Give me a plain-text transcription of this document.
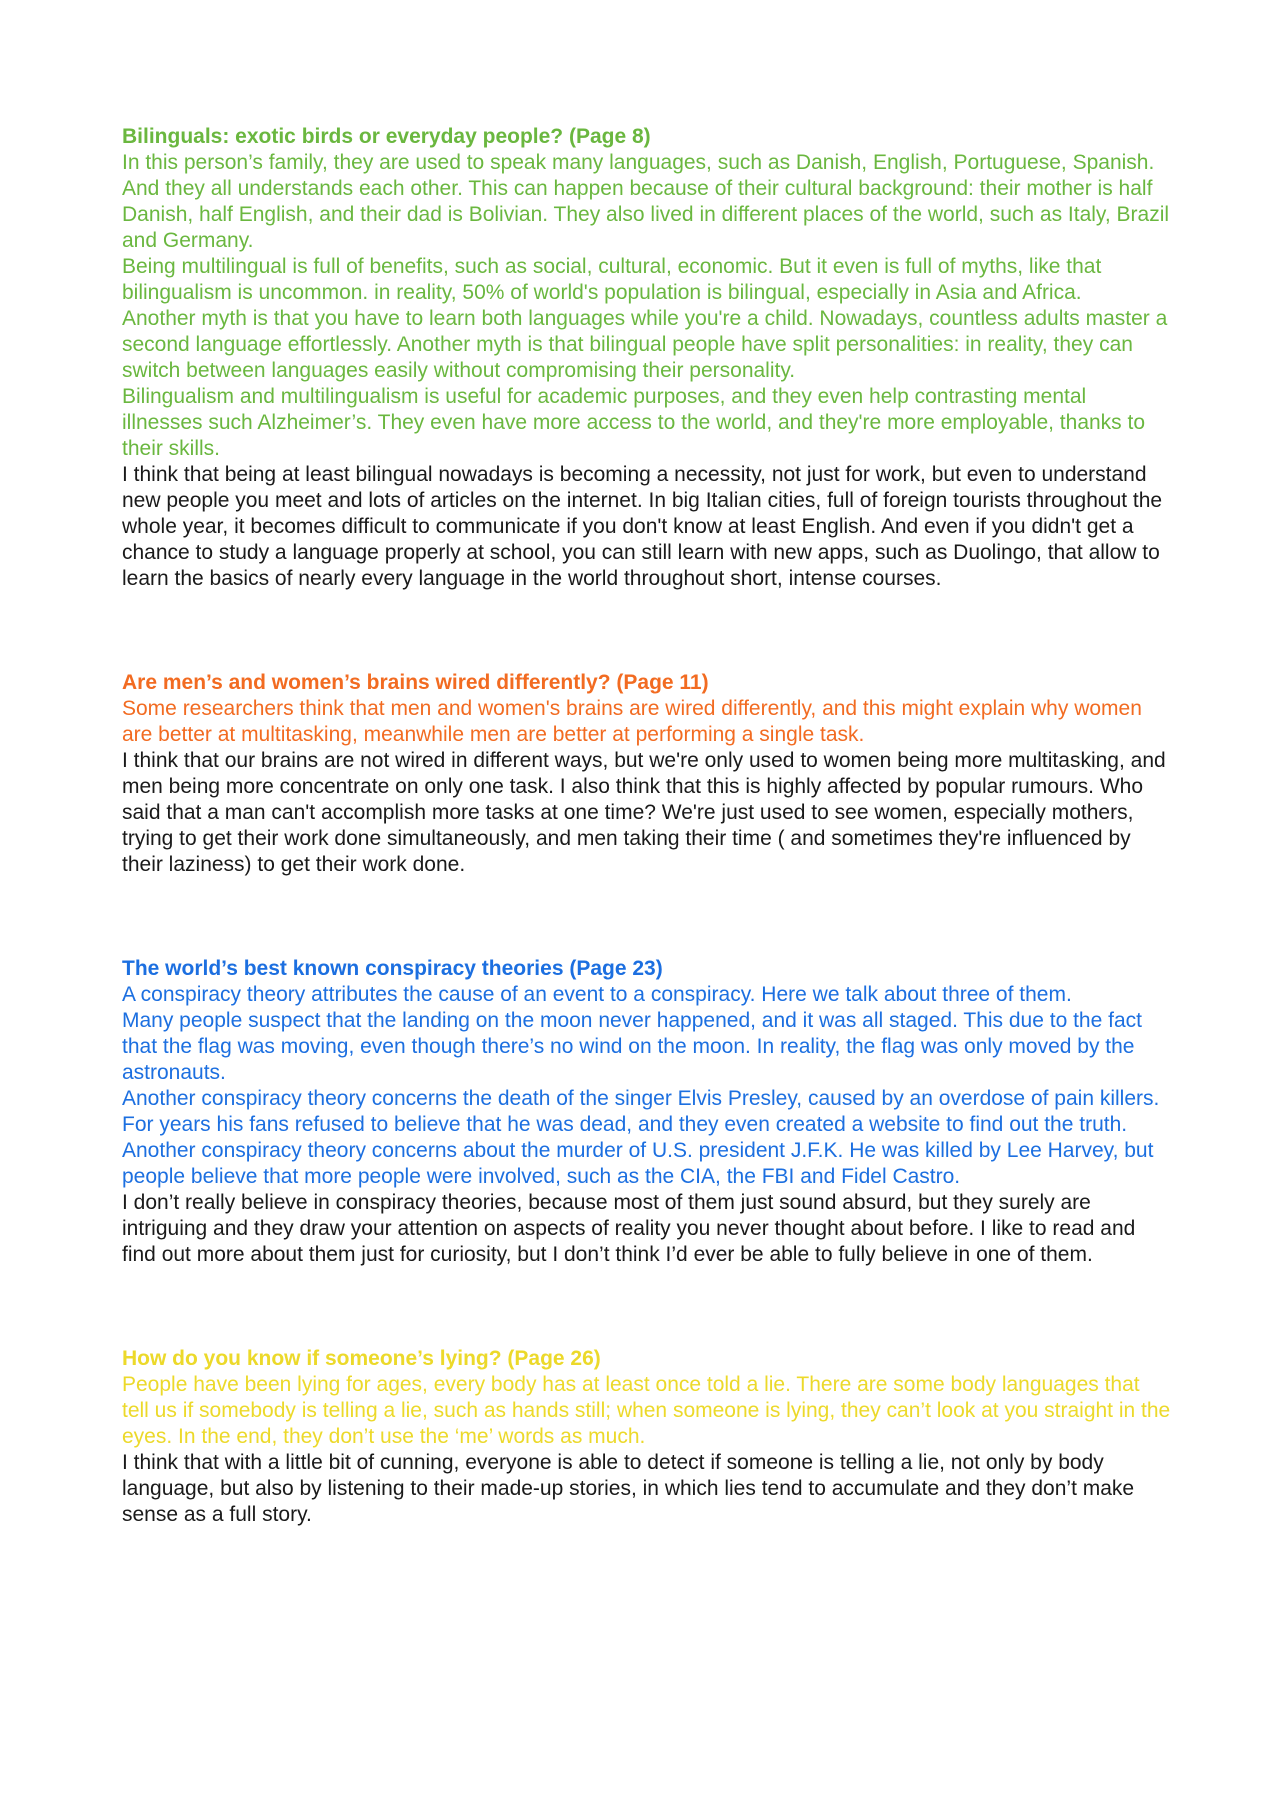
Bilinguals: exotic birds or everyday people? (Page 8)

In this person’s family, they are used to speak many languages, such as Danish, English, Portuguese, Spanish. And they all understands each other. This can happen because of their cultural background: their mother is half Danish, half English, and their dad is Bolivian. They also lived in different places of the world, such as Italy, Brazil and Germany.

Being multilingual is full of benefits, such as social, cultural, economic. But it even is full of myths, like that bilingualism is uncommon. in reality, 50% of world's population is bilingual, especially in Asia and Africa.

Another myth is that you have to learn both languages while you're a child. Nowadays, countless adults master a second language effortlessly. Another myth is that bilingual people have split personalities: in reality, they can switch between languages easily without compromising their personality.

Bilingualism and multilingualism is useful for academic purposes, and they even help contrasting mental illnesses such Alzheimer’s. They even have more access to the world, and they're more employable, thanks to their skills.

I think that being at least bilingual nowadays is becoming a necessity, not just for work, but even to understand new people you meet and lots of articles on the internet. In big Italian cities, full of foreign tourists throughout the whole year, it becomes difficult to communicate if you don't know at least English. And even if you didn't get a chance to study a language properly at school, you can still learn with new apps, such as Duolingo, that allow to learn the basics of nearly every language in the world throughout short, intense courses.

Are men’s and women’s brains wired differently? (Page 11)

Some researchers think that men and women's brains are wired differently, and this might explain why women are better at multitasking, meanwhile men are better at performing a single task.

I think that our brains are not wired in different ways, but we're only used to women being more multitasking, and men being more concentrate on only one task. I also think that this is highly affected by popular rumours. Who said that a man can't accomplish more tasks at one time? We're just used to see women, especially mothers, trying to get their work done simultaneously, and men taking their time ( and sometimes they're influenced by their laziness) to get their work done.

The world’s best known conspiracy theories (Page 23)

A conspiracy theory attributes the cause of an event to a conspiracy. Here we talk about three of them.

Many people suspect that the landing on the moon never happened, and it was all staged. This due to the fact that the flag was moving, even though there’s no wind on the moon. In reality, the flag was only moved by the astronauts.

Another conspiracy theory concerns the death of the singer Elvis Presley, caused by an overdose of pain killers. For years his fans refused to believe that he was dead, and they even created a website to find out the truth.

Another conspiracy theory concerns about the murder of U.S. president J.F.K. He was killed by Lee Harvey, but people believe that more people were involved, such as the CIA, the FBI and Fidel Castro.

I don’t really believe in conspiracy theories, because most of them just sound absurd, but they surely are intriguing and they draw your attention on aspects of reality you never thought about before. I like to read and find out more about them just for curiosity, but I don’t think I’d ever be able to fully believe in one of them.

How do you know if someone’s lying? (Page 26)

People have been lying for ages, every body has at least once told a lie. There are some body languages that tell us if somebody is telling a lie, such as hands still; when someone is lying, they can’t look at you straight in the eyes. In the end, they don’t use the ‘me’ words as much.

I think that with a little bit of cunning, everyone is able to detect if someone is telling a lie, not only by body language, but also by listening to their made-up stories, in which lies tend to accumulate and they don’t make sense as a full story.
